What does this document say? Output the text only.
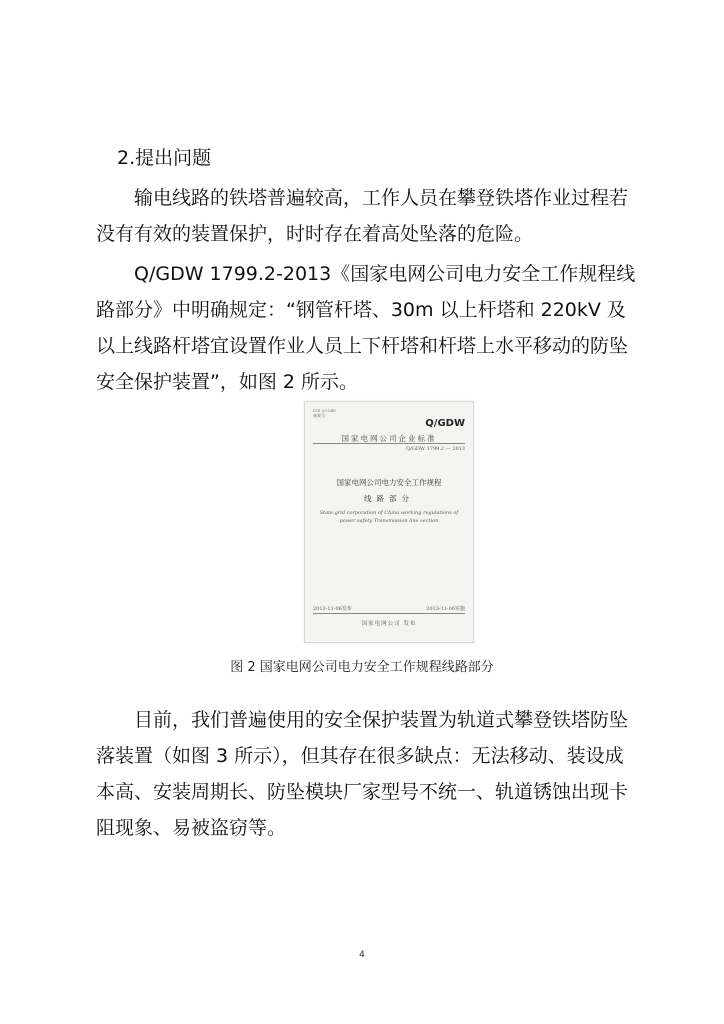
2.提出问题

输电线路的铁塔普遍较高，工作人员在攀登铁塔作业过程若没有有效的装置保护，时时存在着高处坠落的危险。

Q/GDW 1799.2-2013《国家电网公司电力安全工作规程线路部分》中明确规定：“钢管杆塔、30m 以上杆塔和 220kV 及以上线路杆塔宜设置作业人员上下杆塔和杆塔上水平移动的防坠安全保护装置”，如图 2 所示。

ICS 29.240
备案号：
Q/GDW
国家电网公司企业标准
Q/GDW 1799.2 — 2013
国家电网公司电力安全工作规程
线路部分
State grid corporation of China working regulations of power safety Transmission line section
2013-11-06发布	2013-11-06实施
国家电网公司 发布
图 2 国家电网公司电力安全工作规程线路部分

目前，我们普遍使用的安全保护装置为轨道式攀登铁塔防坠落装置（如图 3 所示），但其存在很多缺点：无法移动、装设成本高、安装周期长、防坠模块厂家型号不统一、轨道锈蚀出现卡阻现象、易被盗窃等。

4
